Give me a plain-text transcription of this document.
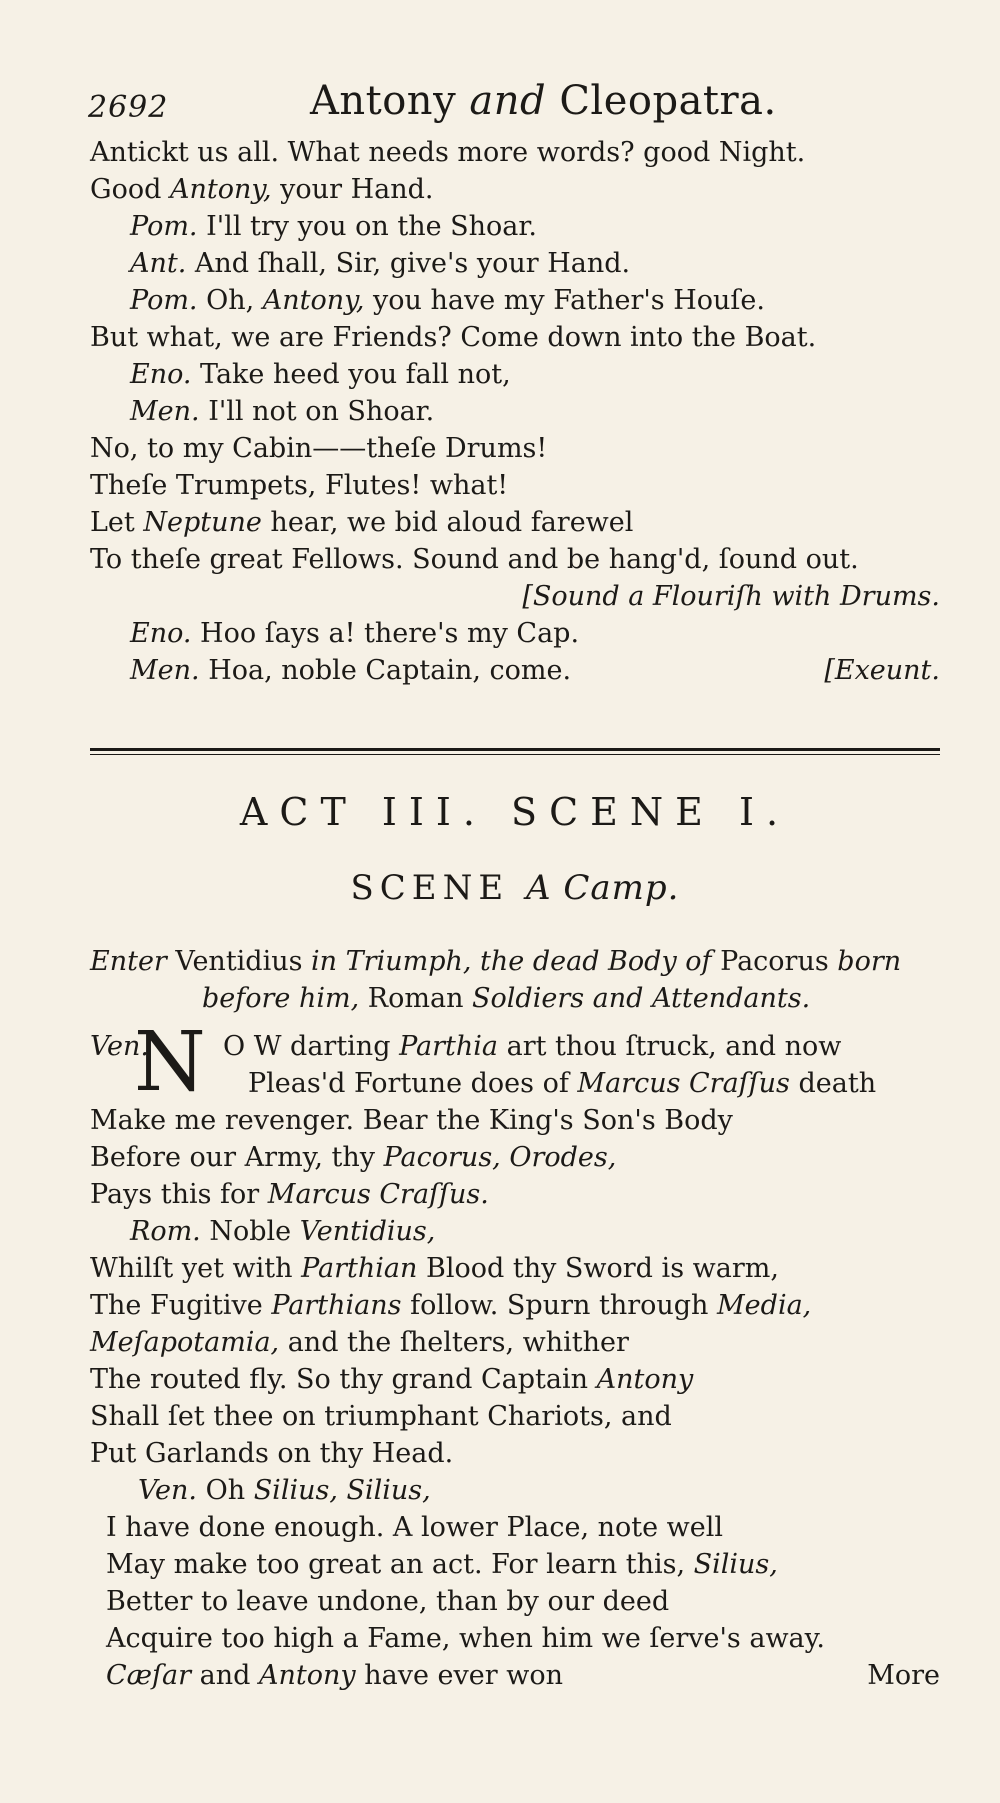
2692	Antony and Cleopatra.
Antickt us all. What needs more words? good Night.
Good Antony, your Hand.
Pom. I'll try you on the Shoar.
Ant. And ſhall, Sir, give's your Hand.
Pom. Oh, Antony, you have my Father's Houſe.
But what, we are Friends? Come down into the Boat.
Eno. Take heed you fall not,
Men. I'll not on Shoar.
No, to my Cabin——theſe Drums!
Theſe Trumpets, Flutes! what!
Let Neptune hear, we bid aloud farewel
To theſe great Fellows. Sound and be hang'd, ſound out.
[Sound a Flouriſh with Drums.
Eno. Hoo ſays a! there's my Cap.
Men. Hoa, noble Captain, come.	[Exeunt.
ACT III. SCENE I.
SCENE A Camp.
Enter Ventidius in Triumph, the dead Body of Pacorus born
before him, Roman Soldiers and Attendants.
N
Ven.	O W darting Parthia art thou ſtruck, and now
Pleas'd Fortune does of Marcus Craſſus death
Make me revenger. Bear the King's Son's Body
Before our Army, thy Pacorus, Orodes,
Pays this for Marcus Craſſus.
Rom. Noble Ventidius,
Whilſt yet with Parthian Blood thy Sword is warm,
The Fugitive Parthians follow. Spurn through Media,
Meſapotamia, and the ſhelters, whither
The routed fly. So thy grand Captain Antony
Shall ſet thee on triumphant Chariots, and
Put Garlands on thy Head.
Ven. Oh Silius, Silius,
I have done enough. A lower Place, note well
May make too great an act. For learn this, Silius,
Better to leave undone, than by our deed
Acquire too high a Fame, when him we ſerve's away.
Cæſar and Antony have ever won	More
